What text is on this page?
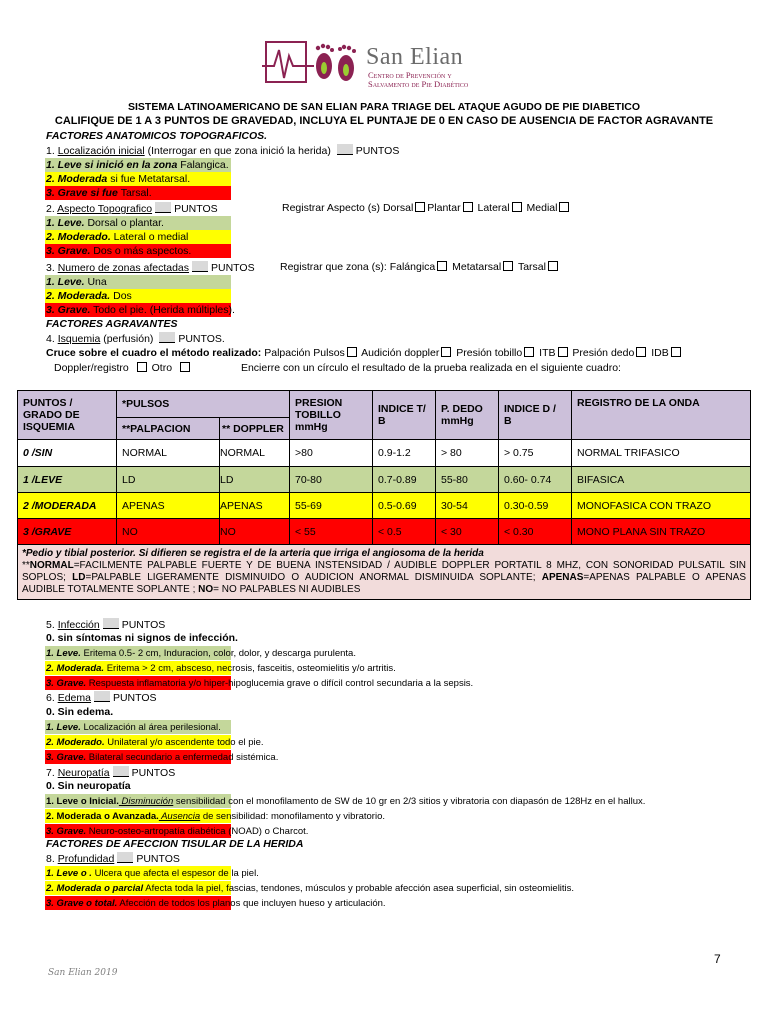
San Elian
Centro de Prevención y
Salvamento de Pie Diabético
SISTEMA LATINOAMERICANO DE SAN ELIAN PARA TRIAGE DEL ATAQUE AGUDO DE PIE DIABETICO
CALIFIQUE DE 1 A 3 PUNTOS DE GRAVEDAD, INCLUYA EL PUNTAJE DE 0 EN CASO DE AUSENCIA DE FACTOR AGRAVANTE
FACTORES ANATOMICOS TOPOGRAFICOS.
1. Localización inicial (Interrogar en que zona inició la herida) PUNTOS
1. Leve si inició en la zona Falangica.
2. Moderada si fue Metatarsal.
3. Grave si fue Tarsal.
2. Aspecto Topografico PUNTOS	Registrar Aspecto (s) Dorsal Plantar Lateral Medial
1. Leve. Dorsal o plantar.
2. Moderado. Lateral o medial
3. Grave. Dos o más aspectos.
3. Numero de zonas afectadas PUNTOS Registrar que zona (s): Falángica Metatarsal Tarsal
1. Leve. Una
2. Moderada. Dos
3. Grave. Todo el pie. (Herida múltiples).
FACTORES AGRAVANTES
4. Isquemia (perfusión) PUNTOS.
Cruce sobre el cuadro el método realizado: Palpación Pulsos Audición doppler Presión tobillo ITB Presión dedo IDB
Doppler/registro Otro	Encierre con un círculo el resultado de la prueba realizada en el siguiente cuadro:
PUNTOS / GRADO DE ISQUEMIA	*PULSOS		PRESION TOBILLO mmHg	INDICE T/ B	P. DEDO mmHg	INDICE D / B	REGISTRO DE LA ONDA
	**PALPACION	** DOPPLER					
0 /SIN	NORMAL	NORMAL	>80	0.9-1.2	> 80	> 0.75	NORMAL TRIFASICO
1 /LEVE	LD	LD	70-80	0.7-0.89	55-80	0.60- 0.74	BIFASICA
2 /MODERADA	APENAS	APENAS	55-69	0.5-0.69	30-54	0.30-0.59	MONOFASICA CON TRAZO
3 /GRAVE	NO	NO	< 55	< 0.5	< 30	< 0.30	MONO PLANA SIN TRAZO

*Pedio y tibial posterior. Si difieren se registra el de la arteria que irriga el angiosoma de la herida
**NORMAL=FACILMENTE PALPABLE FUERTE Y DE BUENA INSTENSIDAD / AUDIBLE DOPPLER PORTATIL 8 MHZ, CON SONORIDAD PULSATIL SIN SOPLOS; LD=PALPABLE LIGERAMENTE DISMINUIDO O AUDICION ANORMAL DISMINUIDA SOPLANTE; APENAS=APENAS PALPABLE O APENAS AUDIBLE TOTALMENTE SOPLANTE ; NO= NO PALPABLES NI AUDIBLES							
5. Infección PUNTOS
0. sin síntomas ni signos de infección.
1. Leve. Eritema 0.5- 2 cm, Induracion, color, dolor, y descarga purulenta.
2. Moderada. Eritema > 2 cm, absceso, necrosis, fasceitis, osteomielitis y/o artritis.
3. Grave. Respuesta inflamatoria y/o hiper-hipoglucemia grave o difícil control secundaria a la sepsis.
6. Edema PUNTOS
0. Sin edema.
1. Leve. Localización al área perilesional.
2. Moderado. Unilateral y/o ascendente todo el pie.
3. Grave. Bilateral secundario a enfermedad sistémica.
7. Neuropatía PUNTOS
0. Sin neuropatía
1. Leve o Inicial. Disminución sensibilidad con el monofilamento de SW de 10 gr en 2/3 sitios y vibratoria con diapasón de 128Hz en el hallux.
2. Moderada o Avanzada. Ausencia de sensibilidad: monofilamento y vibratorio.
3. Grave. Neuro-osteo-artropatía diabética (NOAD) o Charcot.
FACTORES DE AFECCION TISULAR DE LA HERIDA
8. Profundidad PUNTOS
1. Leve o . Ulcera que afecta el espesor de la piel.
2. Moderada o parcial Afecta toda la piel, fascias, tendones, músculos y probable afección asea superficial, sin osteomielitis.
3. Grave o total. Afección de todos los planos que incluyen hueso y articulación.
7
San Elian 2019
